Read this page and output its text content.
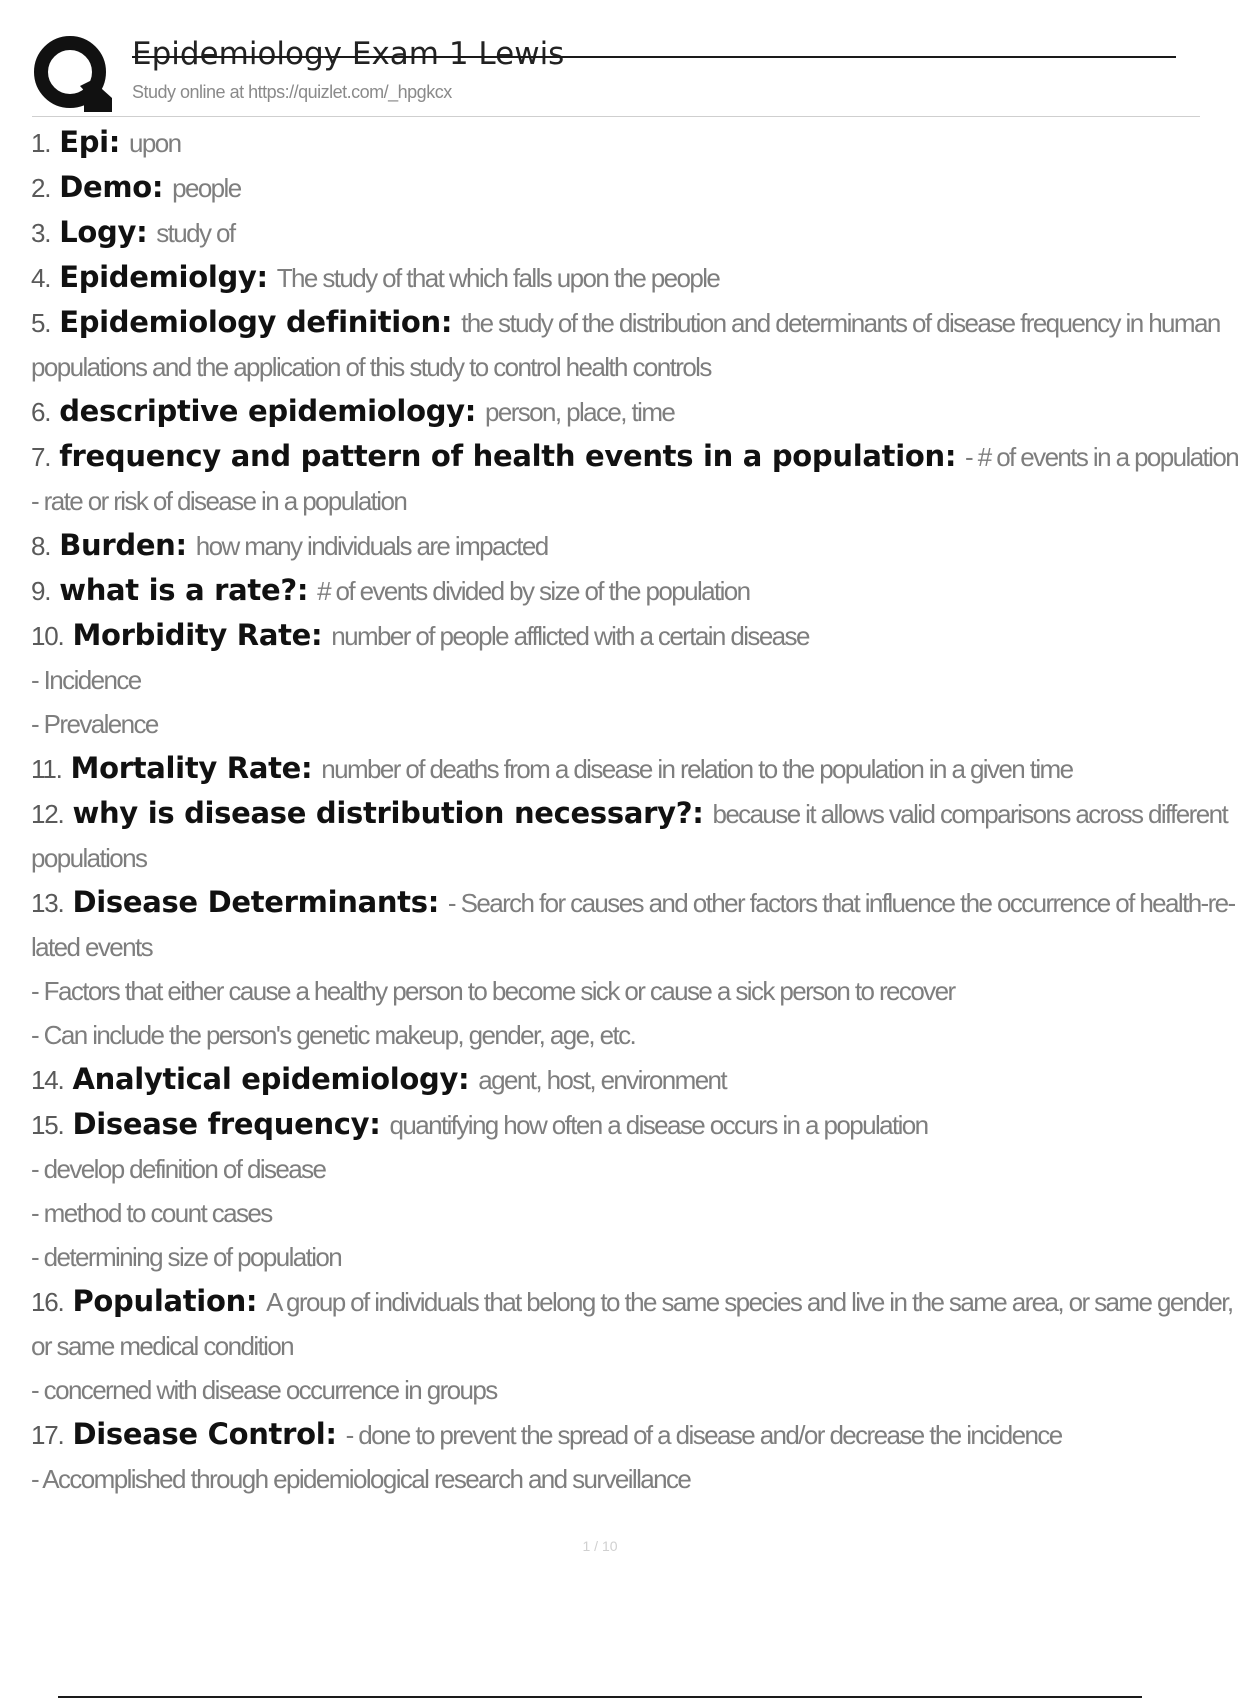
Epidemiology Exam 1 Lewis
Study online at https://quizlet.com/_hpgkcx
1. Epi: upon
2. Demo: people
3. Logy: study of
4. Epidemiolgy: The study of that which falls upon the people
5. Epidemiology definition: the study of the distribution and determinants of disease frequency in human
populations and the application of this study to control health controls
6. descriptive epidemiology: person, place, time
7. frequency and pattern of health events in a population: - # of events in a population
- rate or risk of disease in a population
8. Burden: how many individuals are impacted
9. what is a rate?: # of events divided by size of the population
10. Morbidity Rate: number of people afflicted with a certain disease
- Incidence
- Prevalence
11. Mortality Rate: number of deaths from a disease in relation to the population in a given time
12. why is disease distribution necessary?: because it allows valid comparisons across different
populations
13. Disease Determinants: - Search for causes and other factors that influence the occurrence of health-re-
lated events
- Factors that either cause a healthy person to become sick or cause a sick person to recover
- Can include the person's genetic makeup, gender, age, etc.
14. Analytical epidemiology: agent, host, environment
15. Disease frequency: quantifying how often a disease occurs in a population
- develop definition of disease
- method to count cases
- determining size of population
16. Population: A group of individuals that belong to the same species and live in the same area, or same gender,
or same medical condition
- concerned with disease occurrence in groups
17. Disease Control: - done to prevent the spread of a disease and/or decrease the incidence
- Accomplished through epidemiological research and surveillance
1 / 10
